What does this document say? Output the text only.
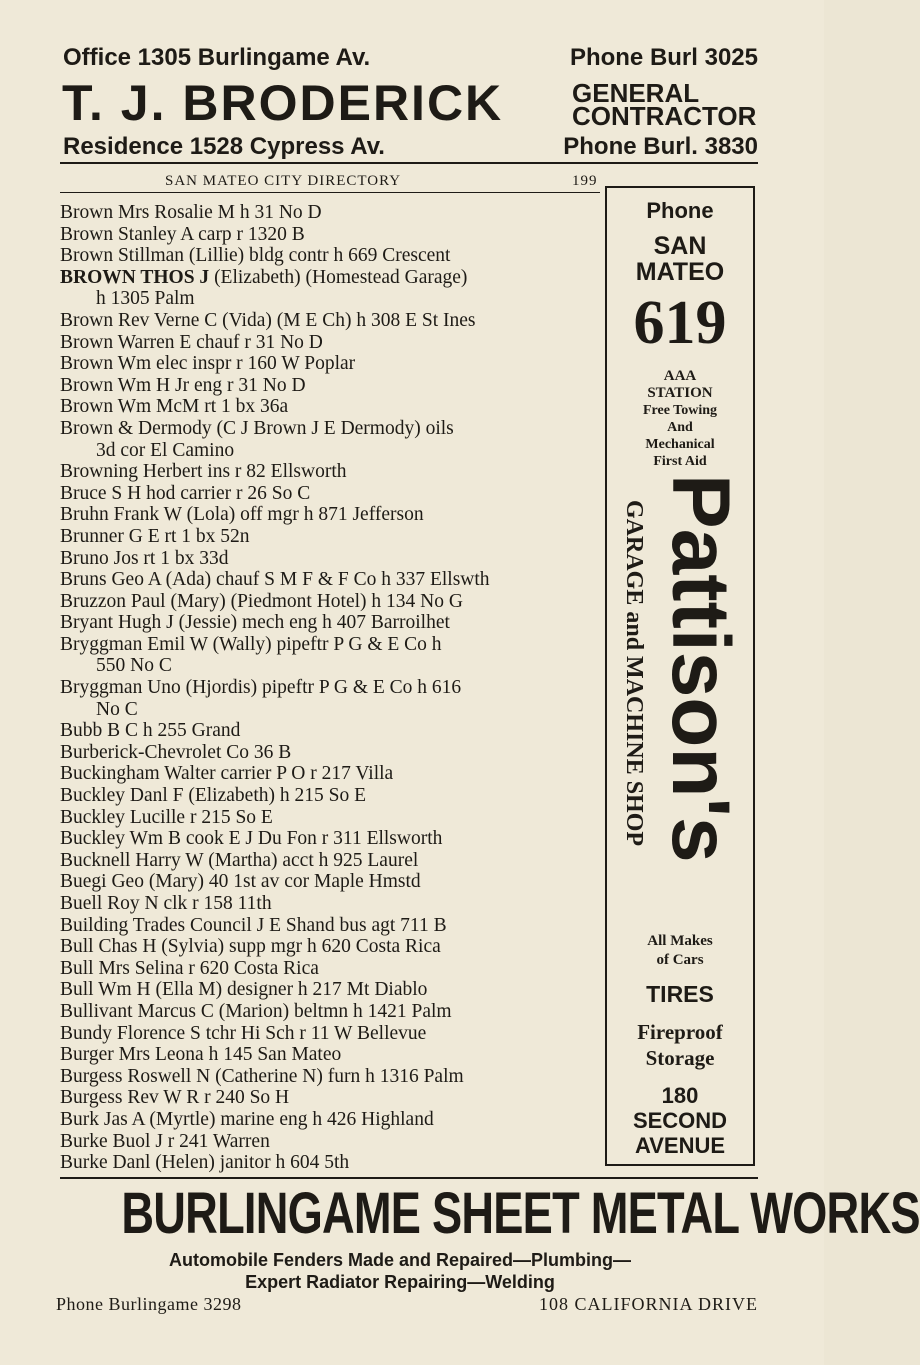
Office 1305 Burlingame Av.	Phone Burl 3025
T. J. BRODERICK	GENERAL
CONTRACTOR
Residence 1528 Cypress Av.	Phone Burl. 3830
SAN MATEO CITY DIRECTORY	199
Brown Mrs Rosalie M h 31 No D
Brown Stanley A carp r 1320 B
Brown Stillman (Lillie) bldg contr h 669 Crescent
BROWN THOS J (Elizabeth) (Homestead Garage)
h 1305 Palm
Brown Rev Verne C (Vida) (M E Ch) h 308 E St Ines
Brown Warren E chauf r 31 No D
Brown Wm elec inspr r 160 W Poplar
Brown Wm H Jr eng r 31 No D
Brown Wm McM rt 1 bx 36a
Brown & Dermody (C J Brown J E Dermody) oils
3d cor El Camino
Browning Herbert ins r 82 Ellsworth
Bruce S H hod carrier r 26 So C
Bruhn Frank W (Lola) off mgr h 871 Jefferson
Brunner G E rt 1 bx 52n
Bruno Jos rt 1 bx 33d
Bruns Geo A (Ada) chauf S M F & F Co h 337 Ellswth
Bruzzon Paul (Mary) (Piedmont Hotel) h 134 No G
Bryant Hugh J (Jessie) mech eng h 407 Barroilhet
Bryggman Emil W (Wally) pipeftr P G & E Co h
550 No C
Bryggman Uno (Hjordis) pipeftr P G & E Co h 616
No C
Bubb B C h 255 Grand
Burberick-Chevrolet Co 36 B
Buckingham Walter carrier P O r 217 Villa
Buckley Danl F (Elizabeth) h 215 So E
Buckley Lucille r 215 So E
Buckley Wm B cook E J Du Fon r 311 Ellsworth
Bucknell Harry W (Martha) acct h 925 Laurel
Buegi Geo (Mary) 40 1st av cor Maple Hmstd
Buell Roy N clk r 158 11th
Building Trades Council J E Shand bus agt 711 B
Bull Chas H (Sylvia) supp mgr h 620 Costa Rica
Bull Mrs Selina r 620 Costa Rica
Bull Wm H (Ella M) designer h 217 Mt Diablo
Bullivant Marcus C (Marion) beltmn h 1421 Palm
Bundy Florence S tchr Hi Sch r 11 W Bellevue
Burger Mrs Leona h 145 San Mateo
Burgess Roswell N (Catherine N) furn h 1316 Palm
Burgess Rev W R r 240 So H
Burk Jas A (Myrtle) marine eng h 426 Highland
Burke Buol J r 241 Warren
Burke Danl (Helen) janitor h 604 5th
Phone
SAN
MATEO
619
AAA
STATION
Free Towing
And
Mechanical
First Aid
Pattison's
GARAGE and MACHINE SHOP
All Makes
of Cars
TIRES
Fireproof
Storage
180
SECOND
AVENUE
BURLINGAME SHEET METAL WORKS
Automobile Fenders Made and Repaired—Plumbing—
Expert Radiator Repairing—Welding
Phone Burlingame 3298	108 CALIFORNIA DRIVE
